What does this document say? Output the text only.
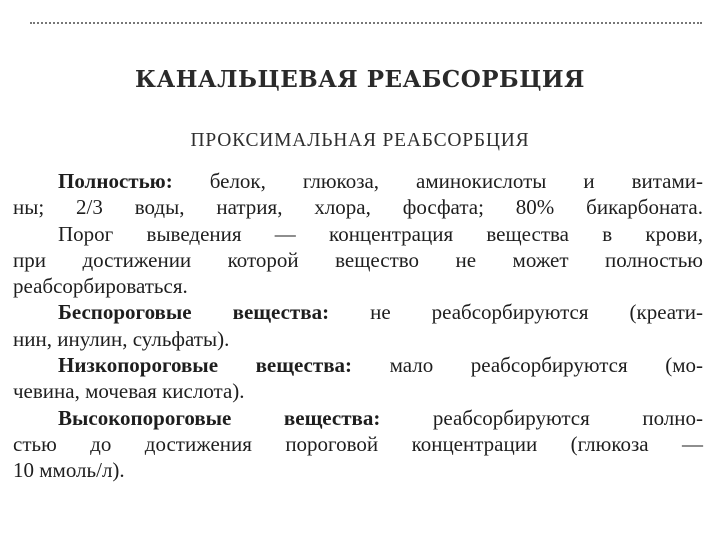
КАНАЛЬЦЕВАЯ РЕАБСОРБЦИЯ
ПРОКСИМАЛЬНАЯ РЕАБСОРБЦИЯ
Полностью: белок, глюкоза, аминокислоты и витами-
ны; 2/3 воды, натрия, хлора, фосфата; 80% бикарбоната.
Порог выведения — концентрация вещества в крови,
при достижении которой вещество не может полностью
реабсорбироваться.
Беспороговые вещества: не реабсорбируются (креати-
нин, инулин, сульфаты).
Низкопороговые вещества: мало реабсорбируются (мо-
чевина, мочевая кислота).
Высокопороговые вещества: реабсорбируются полно-
стью до достижения пороговой концентрации (глюкоза —
10 ммоль/л).
